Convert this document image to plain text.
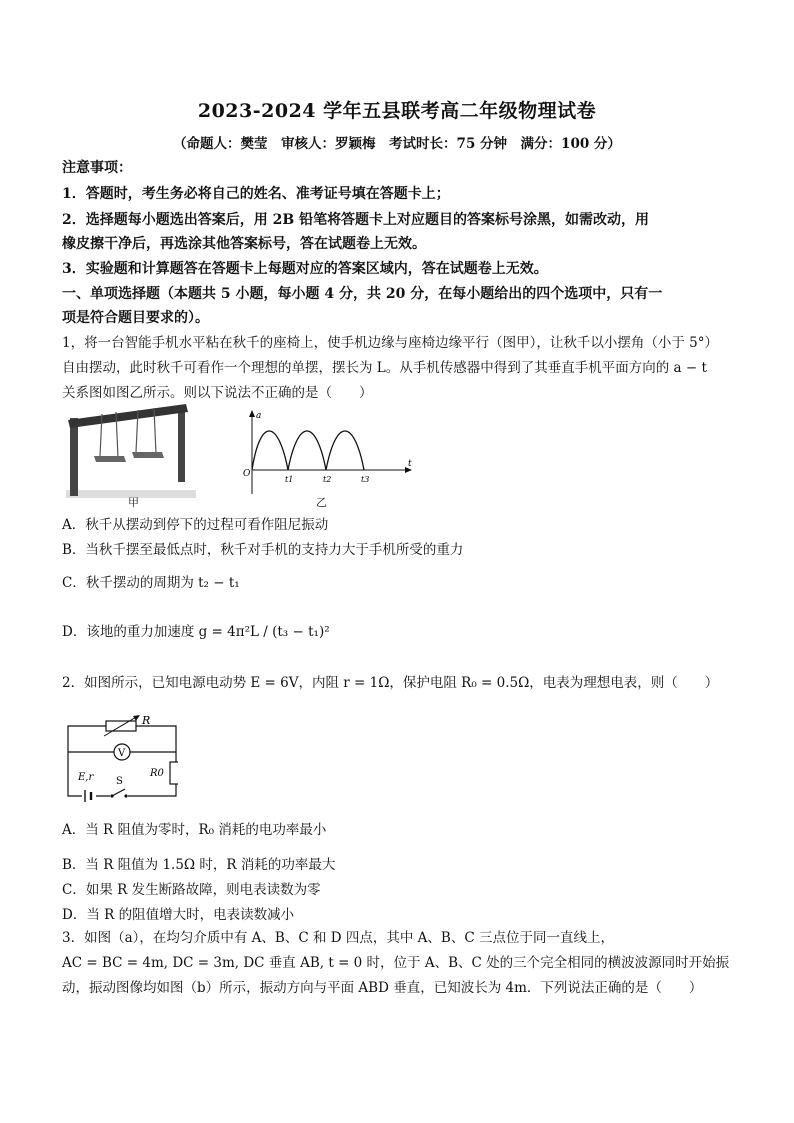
2023-2024 学年五县联考高二年级物理试卷
（命题人：樊莹　审核人：罗颖梅　考试时长：75 分钟　满分：100 分）
注意事项：
1．答题时，考生务必将自己的姓名、准考证号填在答题卡上；
2．选择题每小题选出答案后，用 2B 铅笔将答题卡上对应题目的答案标号涂黑，如需改动，用
橡皮擦干净后，再选涂其他答案标号，答在试题卷上无效。
3．实验题和计算题答在答题卡上每题对应的答案区域内，答在试题卷上无效。
一、单项选择题（本题共 5 小题，每小题 4 分，共 20 分，在每小题给出的四个选项中，只有一
项是符合题目要求的）。
1，将一台智能手机水平粘在秋千的座椅上，使手机边缘与座椅边缘平行（图甲），让秋千以小摆角（小于 5°）
自由摆动，此时秋千可看作一个理想的单摆，摆长为 L。从手机传感器中得到了其垂直手机平面方向的 a − t
关系图如图乙所示。则以下说法不正确的是（　　）
甲
a
t
O
t1	t2	t3
乙
A．秋千从摆动到停下的过程可看作阻尼振动
B．当秋千摆至最低点时，秋千对手机的支持力大于手机所受的重力
C．秋千摆动的周期为 t₂ − t₁
D．该地的重力加速度 g = 4π²L / (t₃ − t₁)²
2．如图所示，已知电源电动势 E = 6V，内阻 r = 1Ω，保护电阻 R₀ = 0.5Ω，电表为理想电表，则（　　）
R
V
R0
E,r S
A．当 R 阻值为零时，R₀ 消耗的电功率最小
B．当 R 阻值为 1.5Ω 时，R 消耗的功率最大
C．如果 R 发生断路故障，则电表读数为零
D．当 R 的阻值增大时，电表读数减小
3．如图（a），在均匀介质中有 A、B、C 和 D 四点，其中 A、B、C 三点位于同一直线上，
AC = BC = 4m, DC = 3m, DC 垂直 AB, t = 0 时，位于 A、B、C 处的三个完全相同的横波波源同时开始振
动，振动图像均如图（b）所示，振动方向与平面 ABD 垂直，已知波长为 4m．下列说法正确的是（　　）
